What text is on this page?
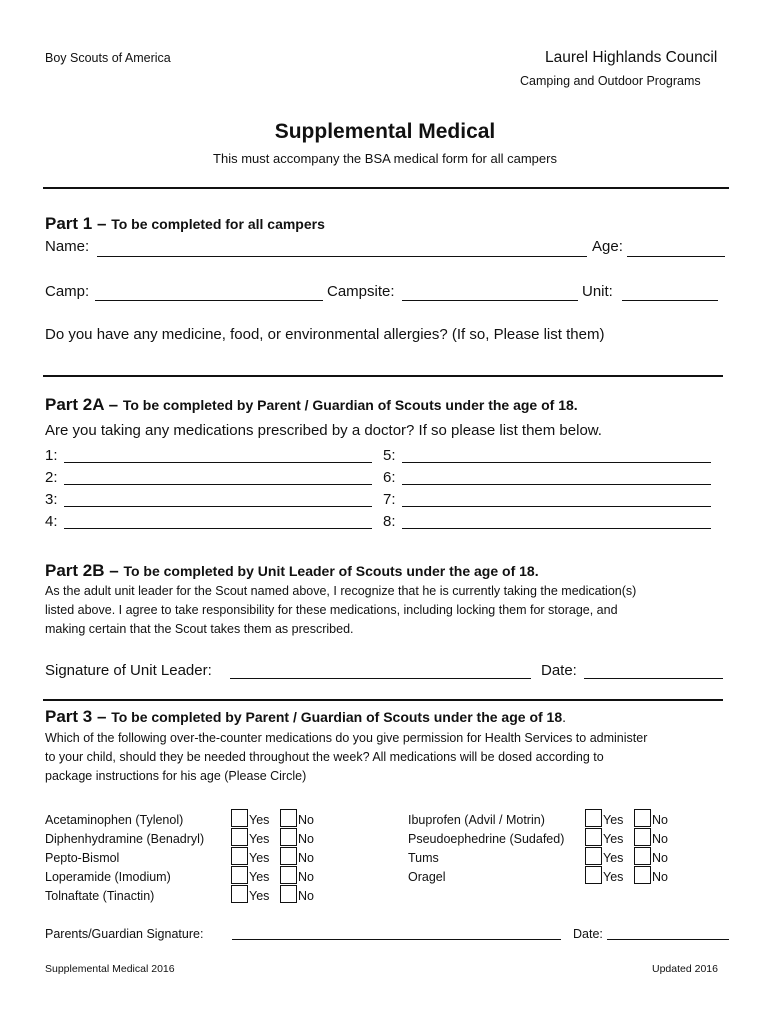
Boy Scouts of America	Laurel Highlands Council
Camping and Outdoor Programs
Supplemental Medical
This must accompany the BSA medical form for all campers
Part 1 – To be completed for all campers
Name:	Age:
Camp:	Campsite:	Unit:
Do you have any medicine, food, or environmental allergies? (If so, Please list them)
Part 2A – To be completed by Parent / Guardian of Scouts under the age of 18.
Are you taking any medications prescribed by a doctor? If so please list them below.
1:
2:
3:
4:
5:
6:
7:
8:
Part 2B – To be completed by Unit Leader of Scouts under the age of 18.
As the adult unit leader for the Scout named above, I recognize that he is currently taking the medication(s)
listed above. I agree to take responsibility for these medications, including locking them for storage, and
making certain that the Scout takes them as prescribed.
Signature of Unit Leader:	Date:
Part 3 – To be completed by Parent / Guardian of Scouts under the age of 18.
Which of the following over-the-counter medications do you give permission for Health Services to administer
to your child, should they be needed throughout the week? All medications will be dosed according to
package instructions for his age (Please Circle)
Acetaminophen (Tylenol)	Yes No
Diphenhydramine (Benadryl)	Yes No
Pepto-Bismol	Yes No
Loperamide (Imodium)	Yes No
Tolnaftate (Tinactin)	Yes No
Ibuprofen (Advil / Motrin)	Yes No
Pseudoephedrine (Sudafed)	Yes No
Tums	Yes No
Oragel	Yes No
Parents/Guardian Signature:	Date:
Supplemental Medical 2016	Updated 2016
